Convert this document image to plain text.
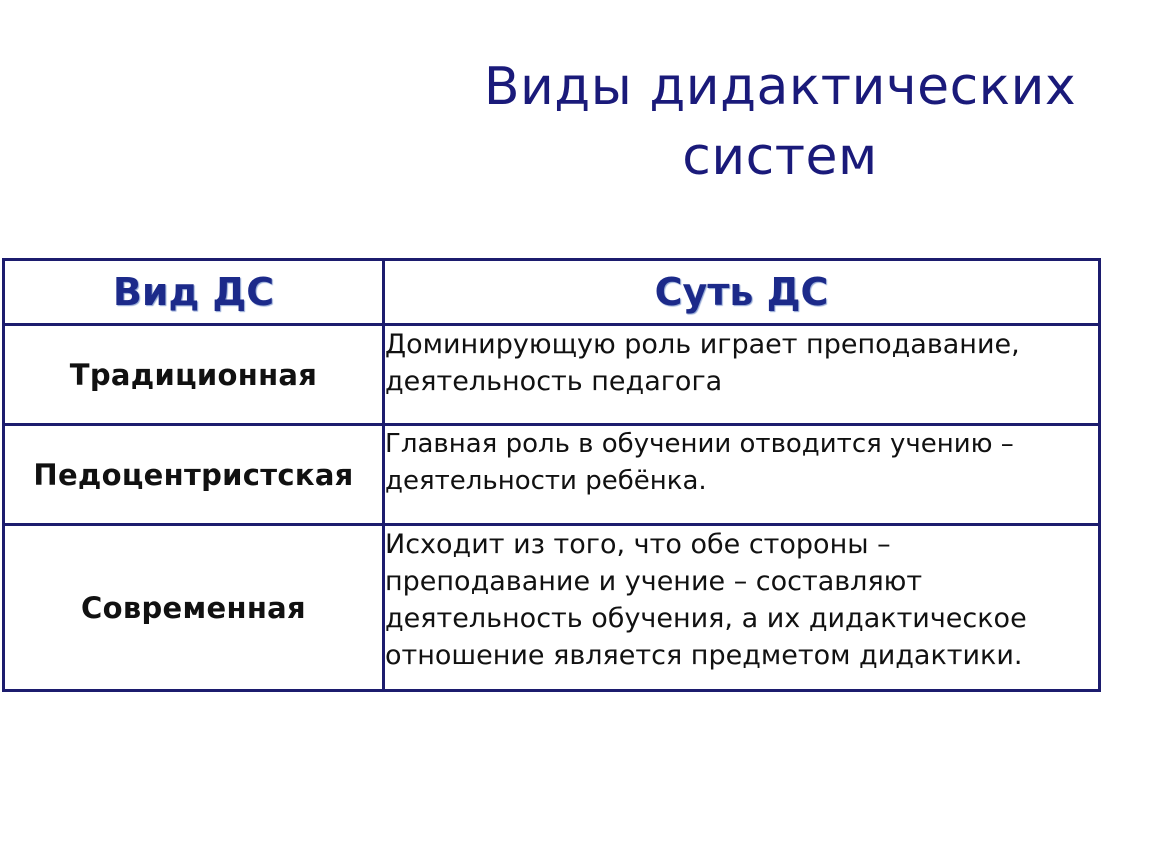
Виды дидактических
систем
Вид ДС	Суть ДС
Традиционная	Доминирующую роль играет преподавание, деятельность педагога
Педоцентристская	Главная роль в обучении отводится учению – деятельности ребёнка.
Современная	Исходит из того, что обе стороны – преподавание и учение – составляют деятельность обучения, а их дидактическое отношение является предметом дидактики.
